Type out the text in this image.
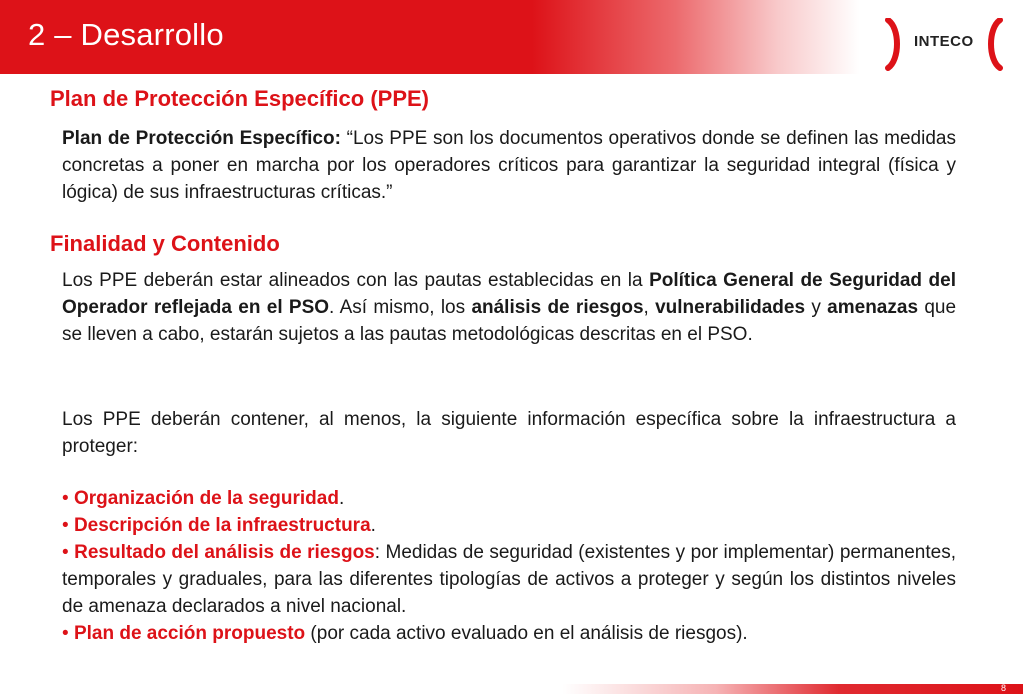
2 – Desarrollo	INTECO
Plan de Protección Específico (PPE)
Plan de Protección Específico: “Los PPE son los documentos operativos donde se definen las medidas concretas a poner en marcha por los operadores críticos para garantizar la seguridad integral (física y lógica) de sus infraestructuras críticas.”
Finalidad y Contenido
Los PPE deberán estar alineados con las pautas establecidas en la Política General de Seguridad del Operador reflejada en el PSO. Así mismo, los análisis de riesgos, vulnerabilidades y amenazas que se lleven a cabo, estarán sujetos a las pautas metodológicas descritas en el PSO.
Los PPE deberán contener, al menos, la siguiente información específica sobre la infraestructura a proteger:
• Organización de la seguridad.
• Descripción de la infraestructura.
• Resultado del análisis de riesgos: Medidas de seguridad (existentes y por implementar) permanentes, temporales y graduales, para las diferentes tipologías de activos a proteger y según los distintos niveles de amenaza declarados a nivel nacional.
• Plan de acción propuesto (por cada activo evaluado en el análisis de riesgos).
8
